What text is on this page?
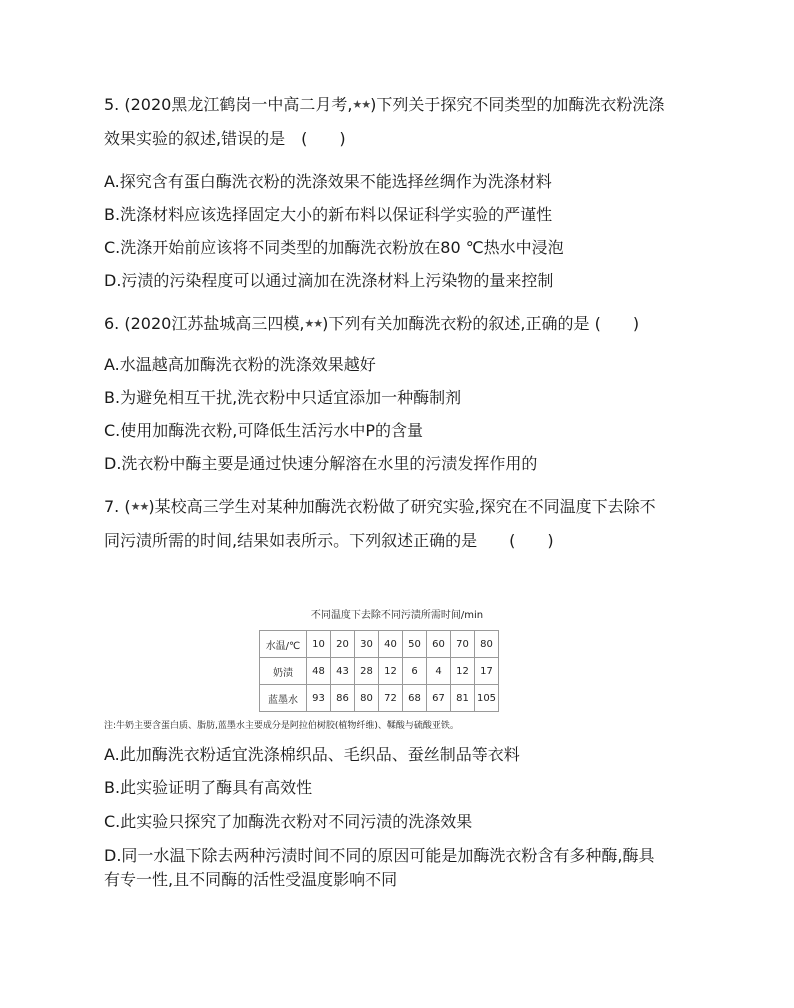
5. (2020黑龙江鹤岗一中高二月考,★★)下列关于探究不同类型的加酶洗衣粉洗涤
效果实验的叙述,错误的是　(　　)
A.探究含有蛋白酶洗衣粉的洗涤效果不能选择丝绸作为洗涤材料
B.洗涤材料应该选择固定大小的新布料以保证科学实验的严谨性
C.洗涤开始前应该将不同类型的加酶洗衣粉放在80 ℃热水中浸泡
D.污渍的污染程度可以通过滴加在洗涤材料上污染物的量来控制
6. (2020江苏盐城高三四模,★★)下列有关加酶洗衣粉的叙述,正确的是 (　　)
A.水温越高加酶洗衣粉的洗涤效果越好
B.为避免相互干扰,洗衣粉中只适宜添加一种酶制剂
C.使用加酶洗衣粉,可降低生活污水中P的含量
D.洗衣粉中酶主要是通过快速分解溶在水里的污渍发挥作用的
7. (★★)某校高三学生对某种加酶洗衣粉做了研究实验,探究在不同温度下去除不
同污渍所需的时间,结果如表所示。下列叙述正确的是　　(　　)
不同温度下去除不同污渍所需时间/min
水温/℃	10	20	30	40	50	60	70	80
奶渍	48	43	28	12	6	4	12	17
蓝墨水	93	86	80	72	68	67	81	105
注:牛奶主要含蛋白质、脂肪,蓝墨水主要成分是阿拉伯树胶(植物纤维)、鞣酸与硫酸亚铁。
A.此加酶洗衣粉适宜洗涤棉织品、毛织品、蚕丝制品等衣料
B.此实验证明了酶具有高效性
C.此实验只探究了加酶洗衣粉对不同污渍的洗涤效果
D.同一水温下除去两种污渍时间不同的原因可能是加酶洗衣粉含有多种酶,酶具
有专一性,且不同酶的活性受温度影响不同
